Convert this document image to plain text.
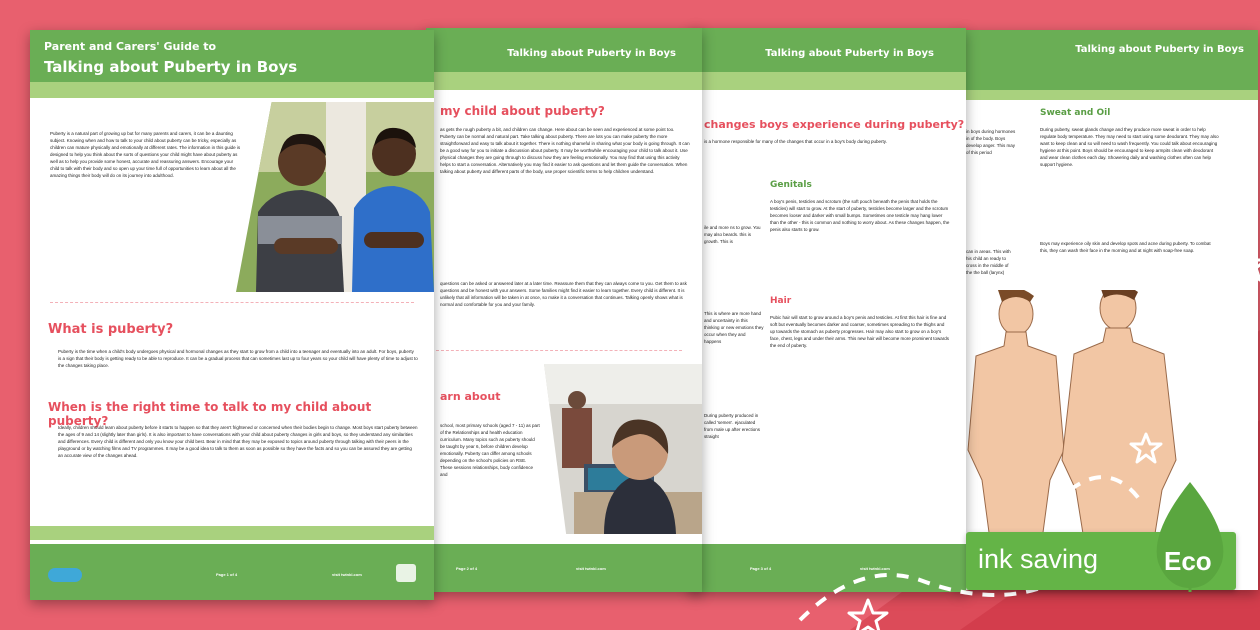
Talking about Puberty in Boys
in boys during hormones in of the body. Boys develop anger. This may of this period
can in areas. This with his child an ready to cross in the middle of the the ball (larynx)
Sweat and Oil
During puberty, sweat glands change and they produce more sweat in order to help regulate body temperature. They may need to start using some deodorant. They may also want to keep clean and so will need to wash frequently. You could talk about encouraging hygiene at this point. Boys should be encouraged to keep armpits clean with deodorant and wear clean clothes each day. Showering daily and washing clothes often can help support hygiene.
Boys may experience oily skin and develop spots and acne during puberty. To combat this, they can wash their face in the morning and at night with soap-free soap.
Talking about Puberty in Boys
changes boys experience during puberty?
is a hormone responsible for many of the changes that occur in a boy's body during puberty.
ile and more ns to grow. You may also beards. this is growth. This is
This is where are more hand and uncertainty in this thinking or new emotions they occur when they and happens
During puberty produced in called 'semen'. ejaculated from male up after erections straight
Genitals
A boy's penis, testicles and scrotum (the soft pouch beneath the penis that holds the testicles) will start to grow. At the start of puberty, testicles become larger and the scrotum becomes looser and darker with small bumps. Sometimes one testicle may hang lower than the other - this is common and nothing to worry about. As these changes happen, the penis also starts to grow.
Hair
Pubic hair will start to grow around a boy's penis and testicles. At first this hair is fine and soft but eventually becomes darker and coarser, sometimes spreading to the thighs and up towards the stomach as puberty progresses. Hair may also start to grow on a boy's face, chest, legs and under their arms. This new hair will become more prominent towards the end of puberty.
Page 3 of 4	visit twinkl.com
Talking about Puberty in Boys
my child about puberty?
as gets the rough puberty a bit, and children can change. Here about can be seen and experienced at some point too. Puberty can be normal and natural part. Take talking about puberty. There are lots you can make puberty the more straightforward and easy to talk about it together. There is nothing shameful in sharing what your body is going through. It can be a good way for you to initiate a discussion about puberty. It may be worthwhile encouraging your child to talk about it. Use physical changes they are going through to discuss how they are feeling emotionally. You may find that using this activity helps to start a conversation. Alternatively you may find it easier to ask questions and let them guide the conversation. When talking about puberty and different parts of the body, use proper scientific terms to help children understand.
questions can be asked or answered later at a later time. Reassure them that they can always come to you. Get them to ask questions and be honest with your answers. Some families might find it easier to learn together. Every child is different. It is unlikely that all information will be taken in at once, so make it a conversation that continues. Talking openly shows what is normal and comfortable for you and your family.
arn about
school, most primary schools (aged 7 - 11) as part of the Relationships and health education curriculum. Many topics such as puberty should be taught by year 6, before children develop emotionally. Puberty can differ among schools depending on the school's policies on RSE. These sessions relationships, body confidence and
Page 2 of 4	visit twinkl.com
Parent and Carers' Guide to
Talking about Puberty in Boys
Puberty is a natural part of growing up but for many parents and carers, it can be a daunting subject. Knowing when and how to talk to your child about puberty can be tricky, especially as children can mature physically and emotionally at different rates. The information in this guide is designed to help you think about the sorts of questions your child might have about puberty as well as to help you provide some honest, accurate and reassuring answers. Encourage your child to talk with their body and so open up your time full of opportunities to learn about all the amazing things their body will do on its journey into adulthood.
What is puberty?
Puberty is the time when a child's body undergoes physical and hormonal changes as they start to grow from a child into a teenager and eventually into an adult. For boys, puberty is a sign that their body is getting ready to be able to reproduce. It can be a gradual process that can sometimes last up to four years so your child will have plenty of time to adjust to the changes taking place.
When is the right time to talk to my child about puberty?
Ideally, children should learn about puberty before it starts to happen so that they aren't frightened or concerned when their bodies begin to change. Most boys start puberty between the ages of 9 and 14 (slightly later than girls). It is also important to have conversations with your child about puberty changes in girls and boys, so they understand any similarities and differences. Every child is different and only you know your child best. Bear in mind that they may be exposed to topics around puberty through talking with their peers in the playground or by watching films and TV programmes. It may be a good idea to talk to them as soon as possible so they have the facts and so you can be assured they are getting an accurate view of the changes ahead.
Page 1 of 4	visit twinkl.com
ink saving	Eco
